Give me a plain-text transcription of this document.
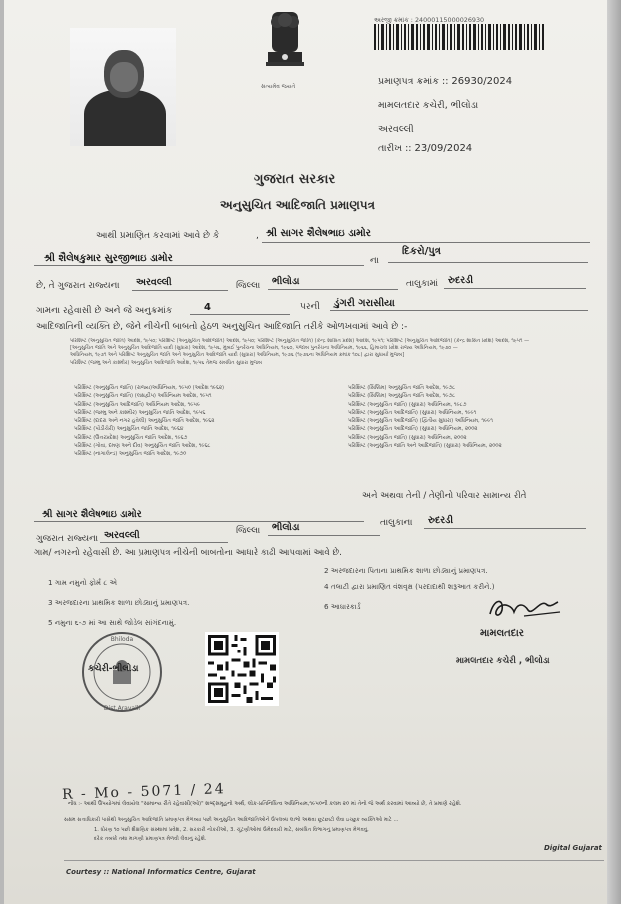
સત્યમેવ જયતે
અરજી ક્રમાંક : 24000115000026930
પ્રમાણપત્ર ક્રમાંક :: 26930/2024
મામલતદાર કચેરી, ભીલોડા
અરવલ્લી
તારીખ :: 23/09/2024
ગુજરાત સરકાર
અનુસુચિત આદિજાતિ પ્રમાણપત્ર
આથી પ્રમાણિત કરવામાં આવે છે કે	, શ્રી સાગર શૈલેષભાઇ ડામોર
શ્રી શૈલેષકુમાર સુરજીભાઇ ડામોર	ના
દિકરો/પુત્ર
છે, તે ગુજરાત રાજ્યના અરવલ્લી	જિલ્લા ભીલોડા	તાલુકામાં રુદરડી
ગામના રહેવાસી છે અને જે અનુક્રમાંક	4	પરની ડુંગરી ગરાસીયા
આદિજાતિની વ્યક્તિ છે, જેને નીચેની બાબતો હેઠળ અનુસુચિત આદિજાતિ તરીકે ઓળખવામાં આવે છે :-
પરિશિષ્ટ (અનુસુચિત જાતિ) આદેશ, ૧૯૫૦; પરિશિષ્ટ (અનુસુચિત આદિજાતિ) આદેશ, ૧૯૫૦; પરિશિષ્ટ (અનુસુચિત જાતિ) (કેન્દ્ર શાસિત પ્રદેશ) આદેશ, ૧૯૫૧; પરિશિષ્ટ (અનુસુચિત આદિજાતિ) (કેન્દ્ર શાસિત પ્રદેશ) આદેશ, ૧૯૫૧ —
[અનુસુચિત જાતિ અને અનુસુચિત આદિજાતિ યાદી (સુધારા) આદેશ, ૧૯૫૬, મુંબઈ પુનર્રચના અધિનિયમ, ૧૯૬૦, પંજાબ પુનર્રચના અધિનિયમ, ૧૯૬૬, હિમાચલ પ્રદેશ રાજ્ય અધિનિયમ, ૧૯૭૦ —
અધિનિયમ, ૧૯૭૧ અને પરિશિષ્ટ અનુસુચિત જાતિ અને અનુસુચિત આદિજાતિ યાદી (સુધારા) અધિનિયમ, ૧૯૭૬ (૧૯૭૬ના અધિનિયમ ક્રમાંક ૧૦૮) દ્વારા સુધાર્યા મુજબ]
પરિશિષ્ટ (જમ્મુ અને કાશ્મીર) અનુસુચિત આદિજાતિ આદેશ, ૧૯૫૬ તેમજ સંબંધિત સુધારા મુજબ
પરિશિષ્ટ (અનુસુચિત જાતિ) (રાજ્ય)અધિનિયમ, ૧૯૫૦ (આદેશ ૧૯૬૨)
પરિશિષ્ટ (અનુસુચિત જાતિ) (લક્ષદ્વીપ) અધિનિયમ આદેશ, ૧૯૫૧
પરિશિષ્ટ (અનુસુચિત આદિજાતિ) અધિનિયમ આદેશ, ૧૯૫૯
પરિશિષ્ટ (જમ્મુ અને કાશ્મીર) અનુસુચિત જાતિ આદેશ, ૧૯૫૬
પરિશિષ્ટ (દાદરા અને નગર હવેલી) અનુસુચિત જાતિ આદેશ, ૧૯૬૨
પરિશિષ્ટ (પોંડીચેરી) અનુસુચિત જાતિ આદેશ, ૧૯૬૪
પરિશિષ્ટ (ઉત્તરપ્રદેશ) અનુસુચિત જાતિ આદેશ, ૧૯૬૭
પરિશિષ્ટ (ગોવા, દમણ અને દીવ) અનુસુચિત જાતિ આદેશ, ૧૯૬૮
પરિશિષ્ટ (નાગાલેન્ડ) અનુસુચિત જાતિ આદેશ, ૧૯૭૦
પરિશિષ્ટ (સિક્કિમ) અનુસુચિત જાતિ આદેશ, ૧૯૭૮
પરિશિષ્ટ (સિક્કિમ) અનુસુચિત જાતિ આદેશ, ૧૯૭૮
પરિશિષ્ટ (અનુસુચિત જાતિ) (સુધારા) અધિનિયમ, ૧૯૮૭
પરિશિષ્ટ (અનુસુચિત આદિજાતિ) (સુધારા) અધિનિયમ, ૧૯૯૧
પરિશિષ્ટ (અનુસુચિત આદિજાતિ) (દ્વિતીય સુધારા) અધિનિયમ, ૧૯૯૧
પરિશિષ્ટ (અનુસુચિત આદિજાતિ) (સુધારા) અધિનિયમ, ૨૦૦૨
પરિશિષ્ટ (અનુસુચિત જાતિ) (સુધારા) અધિનિયમ, ૨૦૦૨
પરિશિષ્ટ (અનુસુચિત જાતિ અને આદિજાતિ) (સુધારા) અધિનિયમ, ૨૦૦૨
અને અથવા તેની / તેણીનો પરિવાર સામાન્ય રીતે
શ્રી સાગર શૈલેષભાઇ ડામોર
ગુજરાત રાજ્યના અરવલ્લી	જિલ્લા ભીલોડા	તાલુકાના રુદરડી
ગામ/ નગરનો રહેવાસી છે. આ પ્રમાણપત્ર નીચેની બાબતોના આધારે કાઢી આપવામાં આવે છે.
1 ગામ નમુનો ફોર્મ ૮ એ
2 અરજદારના પિતાના પ્રાથમિક શાળા છોડ્યાનું પ્રમાણપત્ર.
3 અરજદારના પ્રાથમિક શાળા છોડ્યાનું પ્રમાણપત્ર.
4 તલાટી દ્વારા પ્રમાણિત વંશવૃક્ષ (પરદાદાથી શરૂઆત કરીને.)
5 નમુના ૬-૭ માં આ સાથે જોડેલ સાંગંદનામું.
6 આધારકાર્ડ
મામલતદાર
મામલતદાર કચેરી , ભીલોડા
Bhiloda
Dist.Aravalli
કચેરી-ભીલોડા
R - Mo - 5071 / 24
નોંધ :- આથી ઉપયોગમાં લેવાયેલ "સામાન્ય રીતે રહેવાસી(ઓ)" શબ્દ્સમૂહનો અર્થ, લોક-પ્રતિનિધિત્વ અધિનિયમ,૧૯૫૦ની કલમ ૨૦ માં તેનો જે અર્થ કરવામાં આવ્યો છે, તે પ્રમાણે રહેશે.
સક્ષમ સત્તાધિકારી પાસેથી અનુસુચિત આદિજાતિ પ્રમાણપત્ર મેળવ્યા પછી અનુસુચિત આદિજાતિઓને ઉપલબ્ધ લાભો અથવા છૂટછાટો લેવા ઇચ્છુક વ્યક્તિઓ માટે ...
1. ધોરણ ૧૦ પછી શૈક્ષણિક સંસ્થામાં પ્રવેશ, 2. સરકારી નોકરીઓ, 3. ચૂંટણીઓમાં ઉમેદવારી માટે, સંબંધિત વિભાગનું પ્રમાણપત્ર મેળવવું.
દરેક તબક્કે તથા માગણી પ્રમાણપત્ર મેળવી લેવાનું રહેશે.
Digital Gujarat
Courtesy :: National Informatics Centre, Gujarat
